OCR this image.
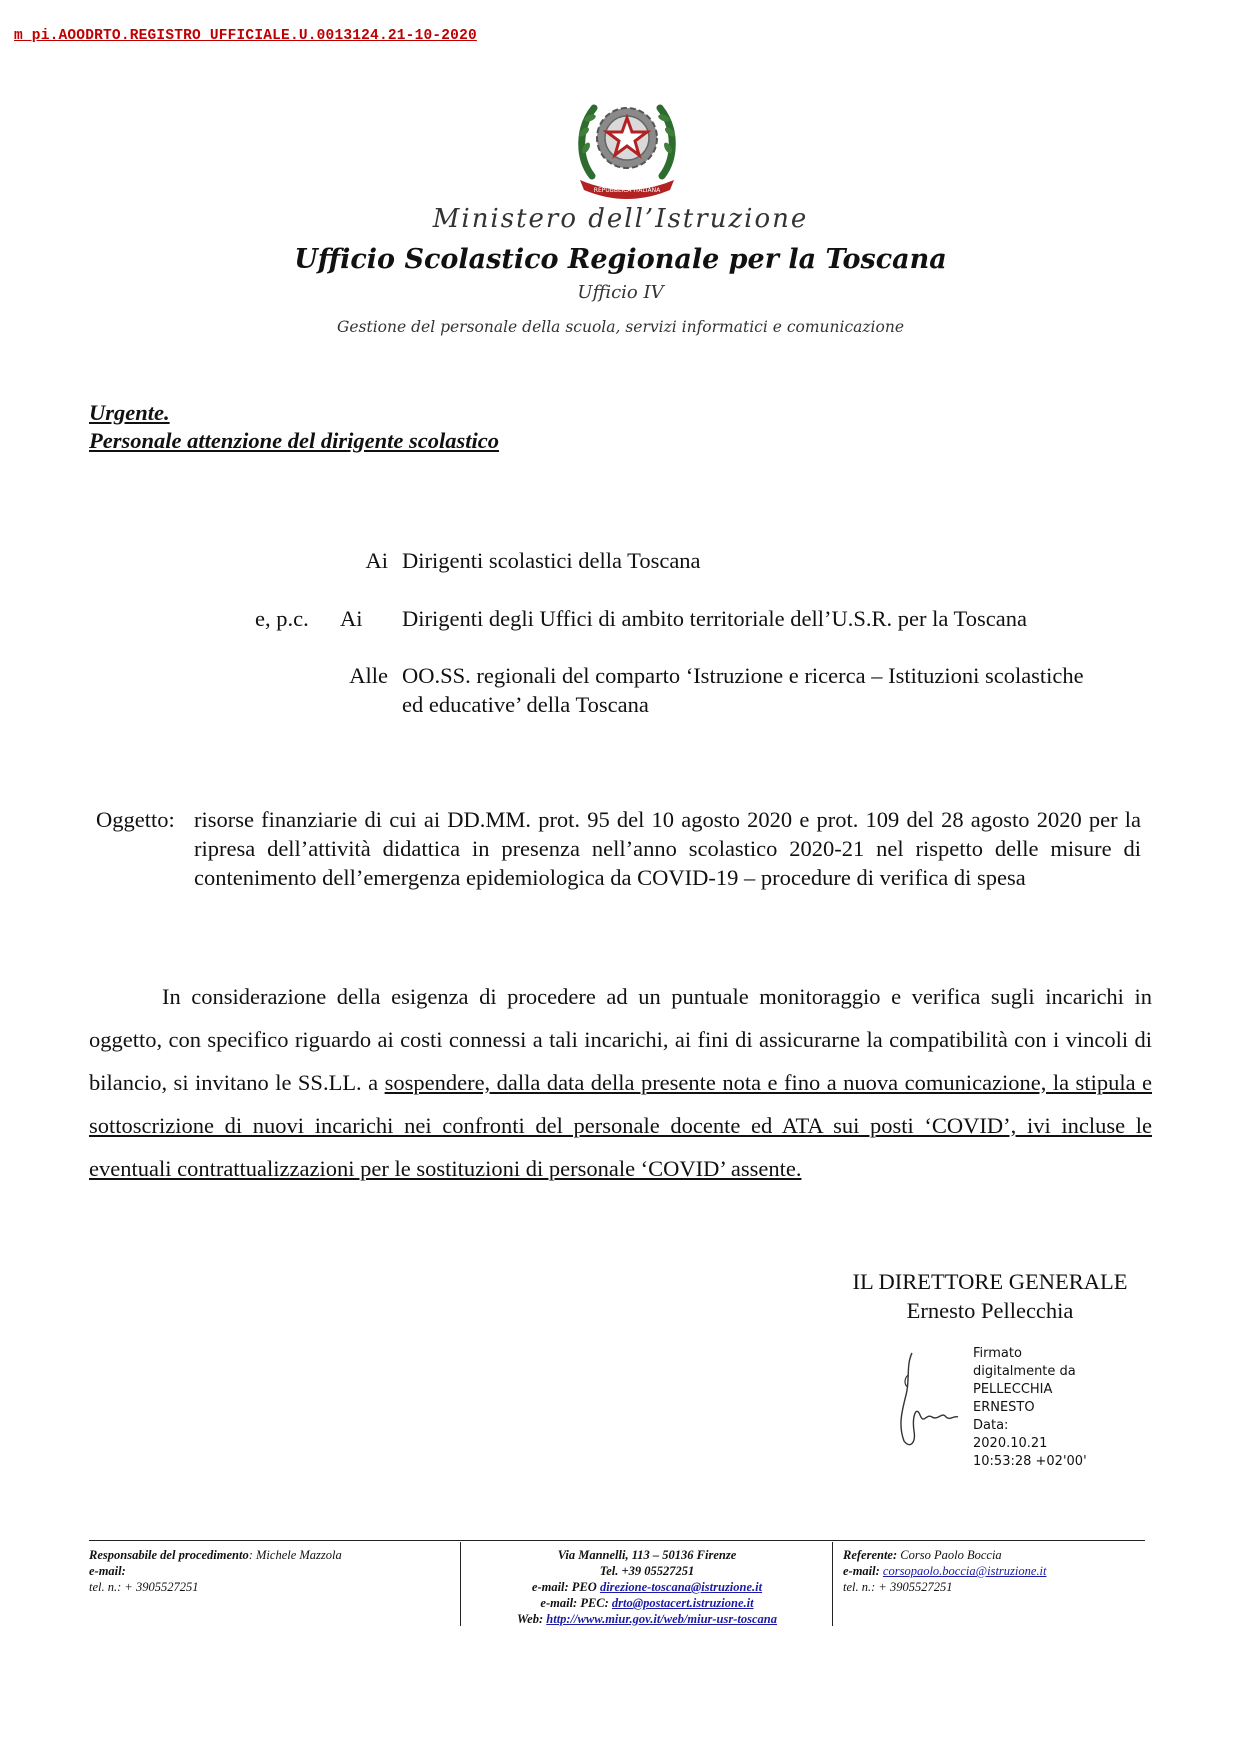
m_pi.AOODRTO.REGISTRO UFFICIALE.U.0013124.21-10-2020
REPUBBLICA ITALIANA
Ministero dell’Istruzione
Ufficio Scolastico Regionale per la Toscana
Ufficio IV
Gestione del personale della scuola, servizi informatici e comunicazione
Urgente.
Personale attenzione del dirigente scolastico
Ai Dirigenti scolastici della Toscana
e, p.c. Ai Dirigenti degli Uffici di ambito territoriale dell’U.S.R. per la Toscana
Alle OO.SS. regionali del comparto ‘Istruzione e ricerca – Istituzioni scolastiche
ed educative’ della Toscana
Oggetto: risorse finanziarie di cui ai DD.MM. prot. 95 del 10 agosto 2020 e prot. 109 del 28 agosto 2020 per la ripresa dell’attività didattica in presenza nell’anno scolastico 2020-21 nel rispetto delle misure di contenimento dell’emergenza epidemiologica da COVID-19 – procedure di verifica di spesa
In considerazione della esigenza di procedere ad un puntuale monitoraggio e verifica sugli incarichi in oggetto, con specifico riguardo ai costi connessi a tali incarichi, ai fini di assicurarne la compatibilità con i vincoli di bilancio, si invitano le SS.LL. a sospendere, dalla data della presente nota e fino a nuova comunicazione, la stipula e sottoscrizione di nuovi incarichi nei confronti del personale docente ed ATA sui posti ‘COVID’, ivi incluse le eventuali contrattualizzazioni per le sostituzioni di personale ‘COVID’ assente.
IL DIRETTORE GENERALE
Ernesto Pellecchia
Firmato
digitalmente da
PELLECCHIA
ERNESTO
Data:
2020.10.21
10:53:28 +02'00'
Responsabile del procedimento: Michele Mazzola
e-mail:
tel. n.: + 3905527251
Via Mannelli, 113 – 50136 Firenze
Tel. +39 05527251
e-mail: PEO direzione-toscana@istruzione.it
e-mail: PEC: drto@postacert.istruzione.it
Web: http://www.miur.gov.it/web/miur-usr-toscana
Referente: Corso Paolo Boccia
e-mail: corsopaolo.boccia@istruzione.it
tel. n.: + 3905527251
